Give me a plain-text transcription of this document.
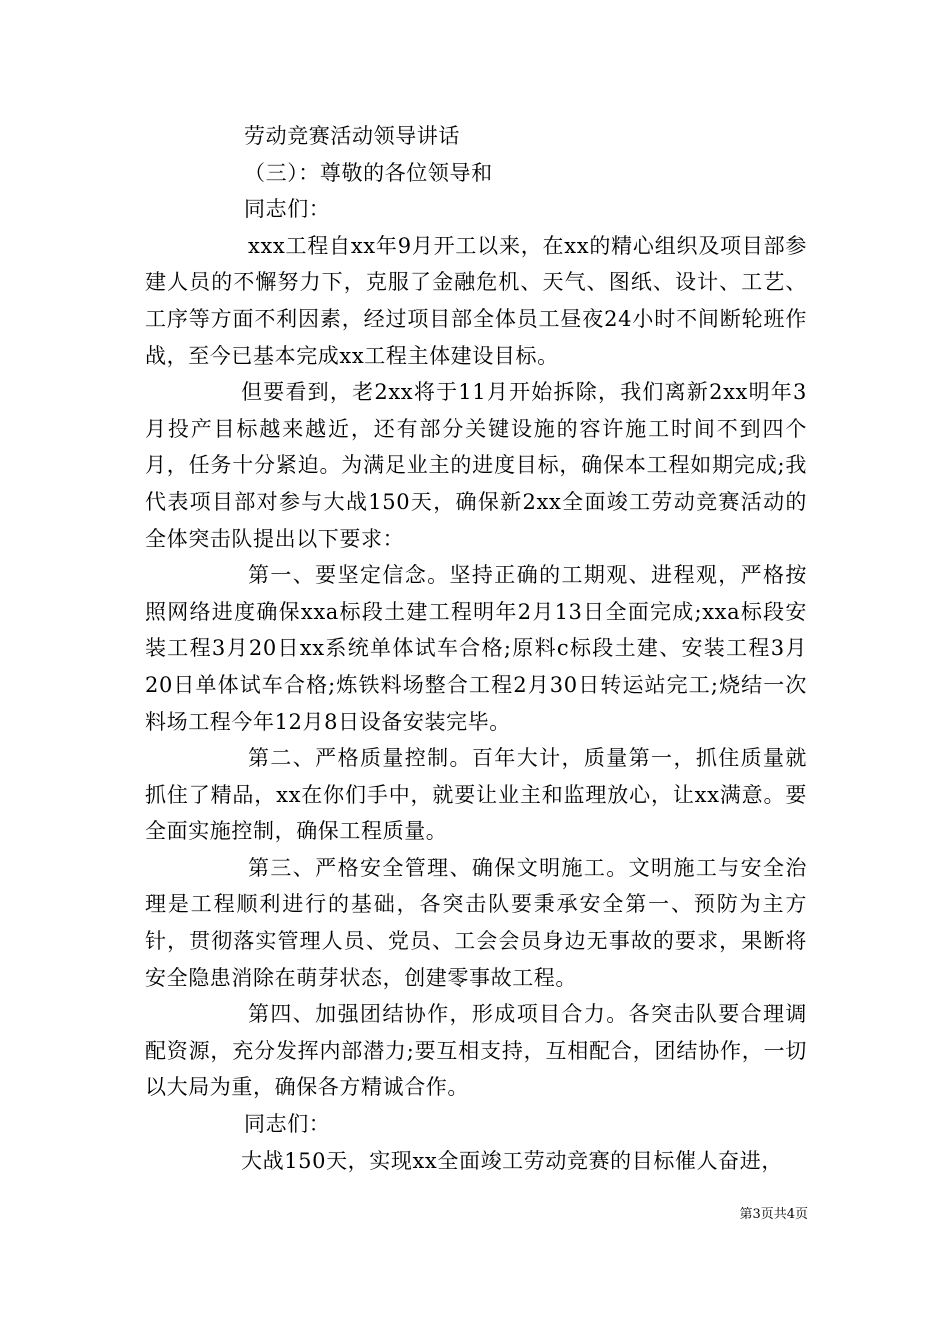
劳动竞赛活动领导讲话
（三）：尊敬的各位领导和
同志们：

xxx工程自xx年9月开工以来，在xx的精心组织及项目部参建人员的不懈努力下，克服了金融危机、天气、图纸、设计、工艺、工序等方面不利因素，经过项目部全体员工昼夜24小时不间断轮班作战，至今已基本完成xx工程主体建设目标。

但要看到，老2xx将于11月开始拆除，我们离新2xx明年3月投产目标越来越近，还有部分关键设施的容许施工时间不到四个月，任务十分紧迫。为满足业主的进度目标，确保本工程如期完成;我代表项目部对参与大战150天，确保新2xx全面竣工劳动竞赛活动的全体突击队提出以下要求：

第一、要坚定信念。坚持正确的工期观、进程观，严格按照网络进度确保xxa标段土建工程明年2月13日全面完成;xxa标段安装工程3月20日xx系统单体试车合格;原料c标段土建、安装工程3月20日单体试车合格;炼铁料场整合工程2月30日转运站完工;烧结一次料场工程今年12月8日设备安装完毕。

第二、严格质量控制。百年大计，质量第一，抓住质量就抓住了精品，xx在你们手中，就要让业主和监理放心，让xx满意。要全面实施控制，确保工程质量。

第三、严格安全管理、确保文明施工。文明施工与安全治理是工程顺利进行的基础，各突击队要秉承安全第一、预防为主方针，贯彻落实管理人员、党员、工会会员身边无事故的要求，果断将安全隐患消除在萌芽状态，创建零事故工程。

第四、加强团结协作，形成项目合力。各突击队要合理调配资源，充分发挥内部潜力;要互相支持，互相配合，团结协作，一切以大局为重，确保各方精诚合作。

同志们：

大战150天，实现xx全面竣工劳动竞赛的目标催人奋进，

第3页共4页
